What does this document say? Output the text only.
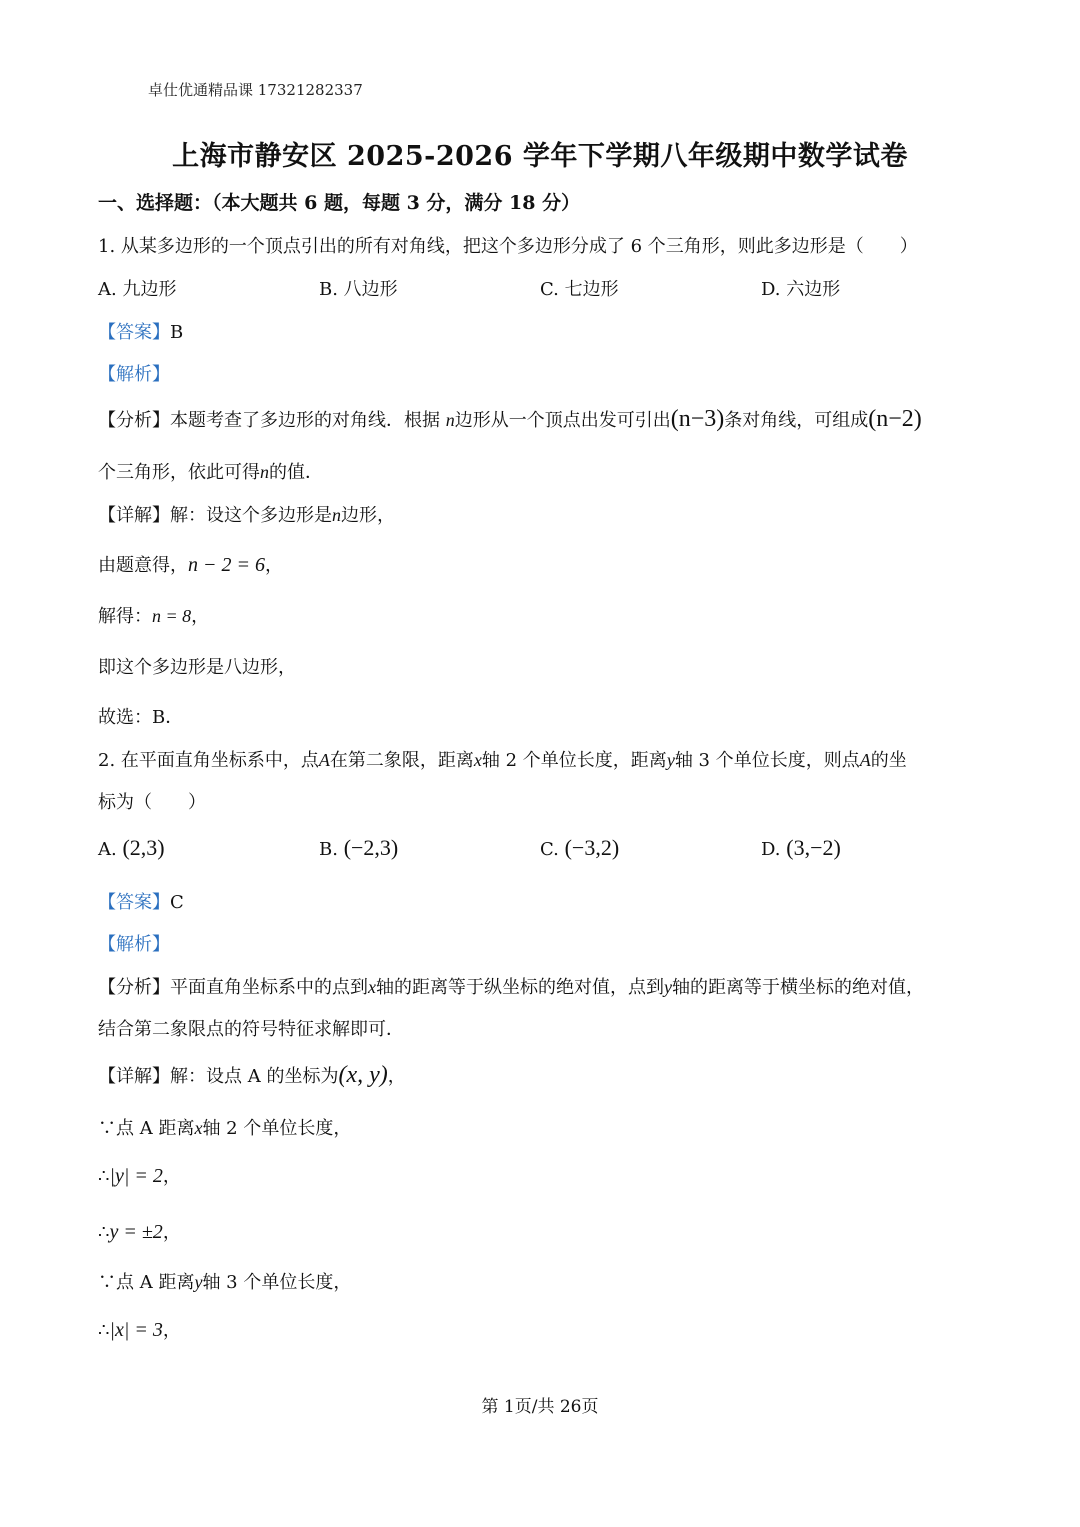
卓仕优通精品课 17321282337
上海市静安区 2025-2026 学年下学期八年级期中数学试卷
一、选择题：（本大题共 6 题，每题 3 分，满分 18 分）
1. 从某多边形的一个顶点引出的所有对角线，把这个多边形分成了 6 个三角形，则此多边形是（　　）
A. 九边形	B. 八边形	C. 七边形	D. 六边形
【答案】B
【解析】
【分析】本题考查了多边形的对角线．根据 n边形从一个顶点出发可引出(n−3)条对角线，可组成(n−2)
个三角形，依此可得n的值．
【详解】解：设这个多边形是n边形，
由题意得，n − 2 = 6，
解得：n = 8，
即这个多边形是八边形，
故选：B．
2. 在平面直角坐标系中，点A在第二象限，距离x轴 2 个单位长度，距离y轴 3 个单位长度，则点A的坐
标为（　　）
A. (2,3)	B. (−2,3)	C. (−3,2)	D. (3,−2)
【答案】C
【解析】
【分析】平面直角坐标系中的点到x轴的距离等于纵坐标的绝对值，点到y轴的距离等于横坐标的绝对值，
结合第二象限点的符号特征求解即可．
【详解】解：设点 A 的坐标为(x, y)，
∵点 A 距离x轴 2 个单位长度，
∴|y| = 2，
∴y = ±2，
∵点 A 距离y轴 3 个单位长度，
∴|x| = 3，
第 1页/共 26页
